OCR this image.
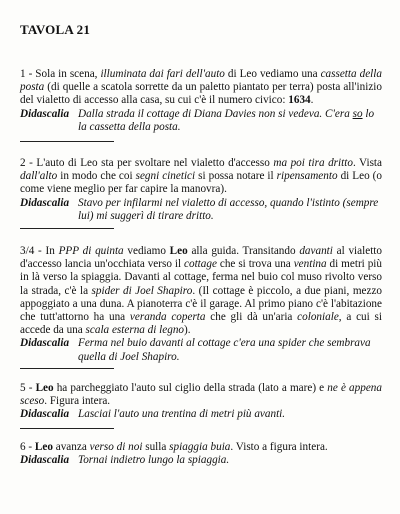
TAVOLA 21
1 - Sola in scena, illuminata dai fari dell'auto di Leo vediamo una cassetta della posta (di quelle a scatola sorrette da un paletto piantato per terra) posta all'inizio del vialetto di accesso alla casa, su cui c'è il numero civico: 1634.
Didascalia Dalla strada il cottage di Diana Davies non si vedeva. C'era so lo la cassetta della posta.
2 - L'auto di Leo sta per svoltare nel vialetto d'accesso ma poi tira dritto. Vista dall'alto in modo che coi segni cinetici si possa notare il ripensamento di Leo (o come viene meglio per far capire la manovra).
Didascalia Stavo per infilarmi nel vialetto di accesso, quando l'istinto (sempre lui) mi suggerì di tirare dritto.
3/4 - In PPP di quinta vediamo Leo alla guida. Transitando davanti al vialetto d'accesso lancia un'occhiata verso il cottage che si trova una ventina di metri più in là verso la spiaggia. Davanti al cottage, ferma nel buio col muso rivolto verso la strada, c'è la spider di Joel Shapiro. (Il cottage è piccolo, a due piani, mezzo appoggiato a una duna. A pianoterra c'è il garage. Al primo piano c'è l'abitazione che tutt'attorno ha una veranda coperta che gli dà un'aria coloniale, a cui si accede da una scala esterna di legno).
Didascalia Ferma nel buio davanti al cottage c'era una spider che sembrava quella di Joel Shapiro.
5 - Leo ha parcheggiato l'auto sul ciglio della strada (lato a mare) e ne è appena sceso. Figura intera.
Didascalia Lasciai l'auto una trentina di metri più avanti.
6 - Leo avanza verso di noi sulla spiaggia buia. Visto a figura intera.
Didascalia Tornai indietro lungo la spiaggia.
